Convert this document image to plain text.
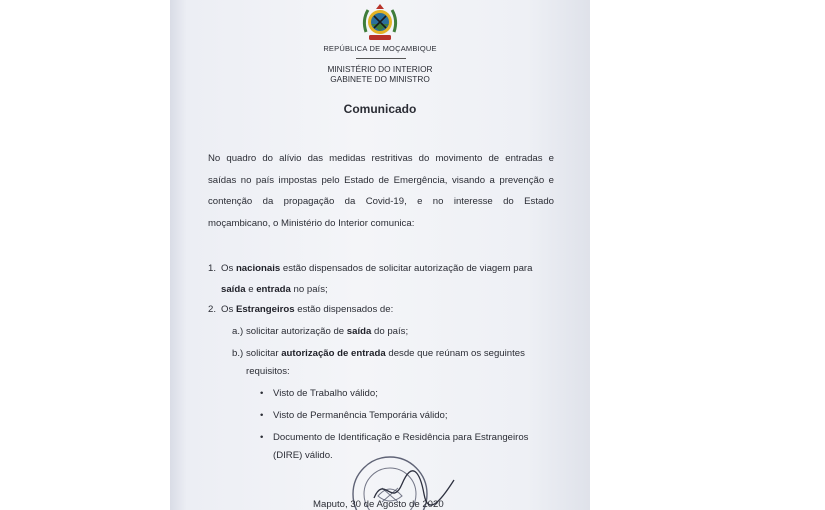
REPÚBLICA DE MOÇAMBIQUE
MINISTÉRIO DO INTERIOR
GABINETE DO MINISTRO
Comunicado
No quadro do alívio das medidas restritivas do movimento de entradas e
saídas no país impostas pelo Estado de Emergência, visando a prevenção e
contenção da propagação da Covid-19, e no interesse do Estado
moçambicano, o Ministério do Interior comunica:
1. Os nacionais estão dispensados de solicitar autorização de viagem para
saída e entrada no país;
2. Os Estrangeiros estão dispensados de:
a.) solicitar autorização de saída do país;
b.) solicitar autorização de entrada desde que reúnam os seguintes
requisitos:
• Visto de Trabalho válido;
• Visto de Permanência Temporária válido;
• Documento de Identificação e Residência para Estrangeiros
(DIRE) válido.
Maputo, 30 de Agosto de 2020
